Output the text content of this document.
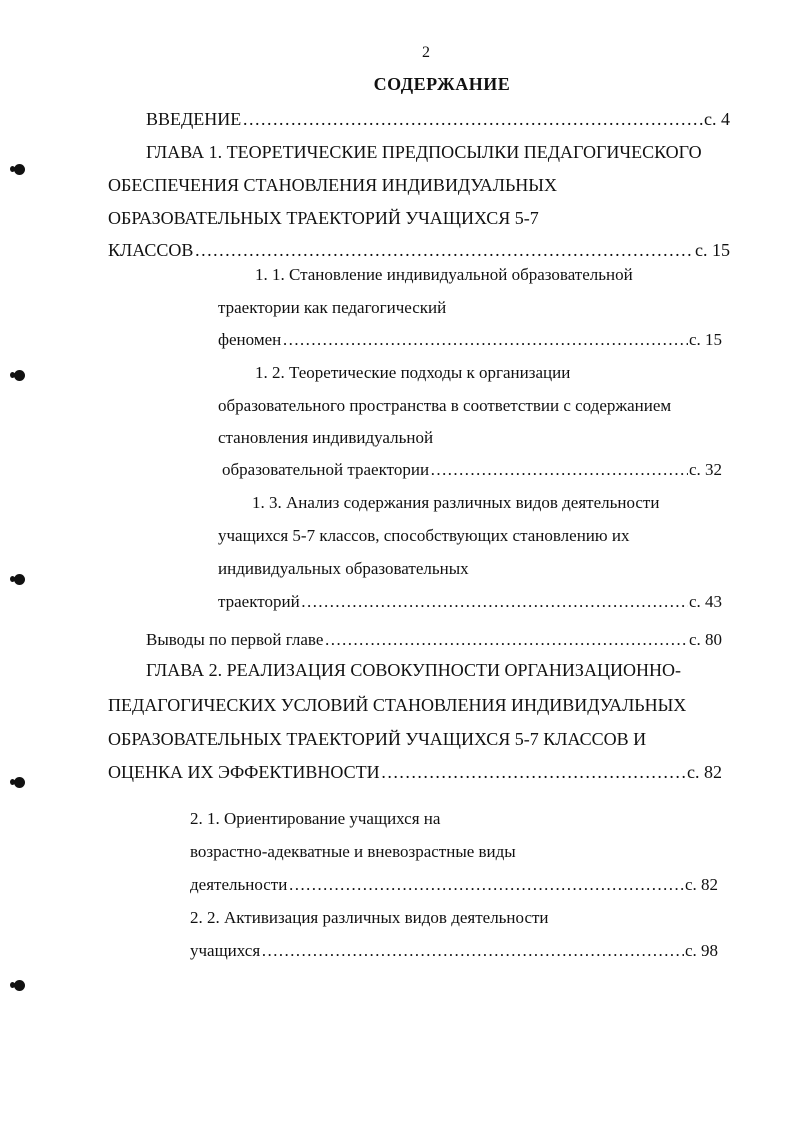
2
СОДЕРЖАНИЕ
ВВЕДЕНИЕ …………………………………………………………………………………………………………………………………………………………	с. 4
ГЛАВА 1. ТЕОРЕТИЧЕСКИЕ ПРЕДПОСЫЛКИ ПЕДАГОГИЧЕСКОГО
ОБЕСПЕЧЕНИЯ СТАНОВЛЕНИЯ ИНДИВИДУАЛЬНЫХ
ОБРАЗОВАТЕЛЬНЫХ ТРАЕКТОРИЙ УЧАЩИХСЯ 5-7
КЛАССОВ …………………………………………………………………………………………………………………………………………………………	с. 15
1. 1. Становление индивидуальной образовательной
траектории как педагогический
феномен …………………………………………………………………………………………………………………………………………………………	с. 15
1. 2. Теоретические подходы к организации
образовательного пространства в соответствии с содержанием
становления индивидуальной
образовательной траектории …………………………………………………………………………………………………………………………………………………………	с. 32
1. 3. Анализ содержания различных видов деятельности
учащихся 5-7 классов, способствующих становлению их
индивидуальных образовательных
траекторий …………………………………………………………………………………………………………………………………………………………	с. 43
Выводы по первой главе …………………………………………………………………………………………………………………………………………………………	с. 80
ГЛАВА 2. РЕАЛИЗАЦИЯ СОВОКУПНОСТИ ОРГАНИЗАЦИОННО-
ПЕДАГОГИЧЕСКИХ УСЛОВИЙ СТАНОВЛЕНИЯ ИНДИВИДУАЛЬНЫХ
ОБРАЗОВАТЕЛЬНЫХ ТРАЕКТОРИЙ УЧАЩИХСЯ 5-7 КЛАССОВ И
ОЦЕНКА ИХ ЭФФЕКТИВНОСТИ …………………………………………………………………………………………………………………………………………………………	с. 82
2. 1. Ориентирование учащихся на
возрастно-адекватные и вневозрастные виды
деятельности …………………………………………………………………………………………………………………………………………………………	с. 82
2. 2. Активизация различных видов деятельности
учащихся …………………………………………………………………………………………………………………………………………………………	с. 98
